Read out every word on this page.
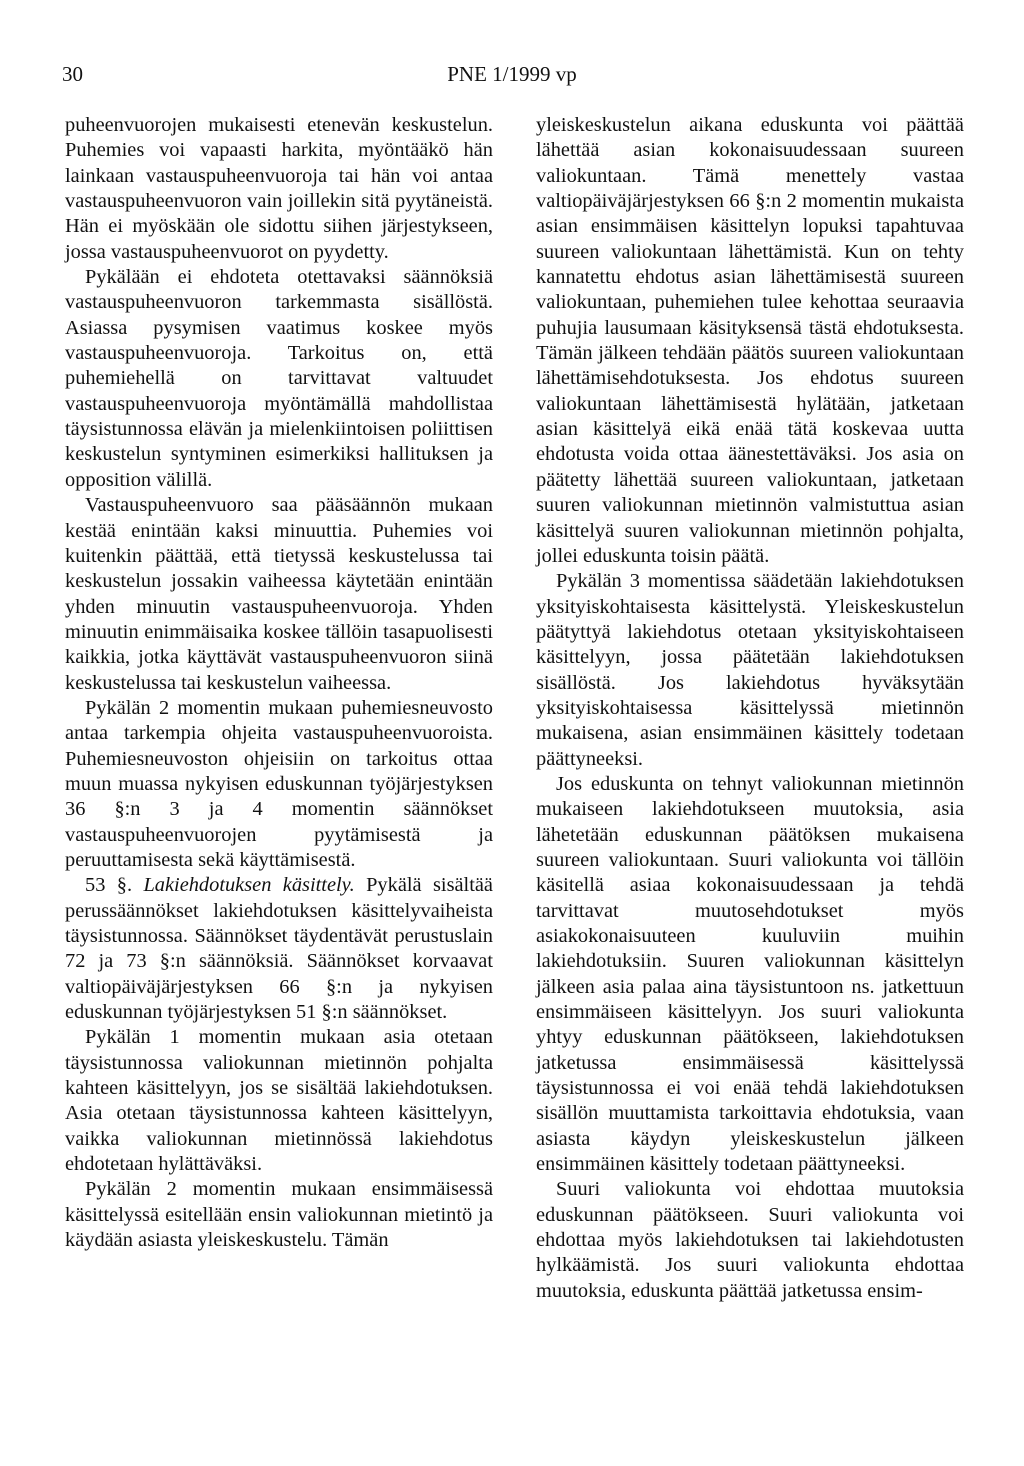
30	PNE 1/1999 vp

puheenvuorojen mukaisesti etenevän keskustelun. Puhemies voi vapaasti harkita, myöntääkö hän lainkaan vastauspuheenvuoroja tai hän voi antaa vastauspuheenvuoron vain joillekin sitä pyytäneistä. Hän ei myöskään ole sidottu siihen järjestykseen, jossa vastauspuheenvuorot on pyydetty.

Pykälään ei ehdoteta otettavaksi säännöksiä vastauspuheenvuoron tarkemmasta sisällöstä. Asiassa pysymisen vaatimus koskee myös vastauspuheenvuoroja. Tarkoitus on, että puhemiehellä on tarvittavat valtuudet vastauspuheenvuoroja myöntämällä mahdollistaa täysistunnossa elävän ja mielenkiintoisen poliittisen keskustelun syntyminen esimerkiksi hallituksen ja opposition välillä.

Vastauspuheenvuoro saa pääsäännön mukaan kestää enintään kaksi minuuttia. Puhemies voi kuitenkin päättää, että tietyssä keskustelussa tai keskustelun jossakin vaiheessa käytetään enintään yhden minuutin vastauspuheenvuoroja. Yhden minuutin enimmäisaika koskee tällöin tasapuolisesti kaikkia, jotka käyttävät vastauspuheenvuoron siinä keskustelussa tai keskustelun vaiheessa.

Pykälän 2 momentin mukaan puhemiesneuvosto antaa tarkempia ohjeita vastauspuheenvuoroista. Puhemiesneuvoston ohjeisiin on tarkoitus ottaa muun muassa nykyisen eduskunnan työjärjestyksen 36 §:n 3 ja 4 momentin säännökset vastauspuheenvuorojen pyytämisestä ja peruuttamisesta sekä käyttämisestä.

53 §. Lakiehdotuksen käsittely. Pykälä sisältää perussäännökset lakiehdotuksen käsittelyvaiheista täysistunnossa. Säännökset täydentävät perustuslain 72 ja 73 §:n säännöksiä. Säännökset korvaavat valtiopäiväjärjestyksen 66 §:n ja nykyisen eduskunnan työjärjestyksen 51 §:n säännökset.

Pykälän 1 momentin mukaan asia otetaan täysistunnossa valiokunnan mietinnön pohjalta kahteen käsittelyyn, jos se sisältää lakiehdotuksen. Asia otetaan täysistunnossa kahteen käsittelyyn, vaikka valiokunnan mietinnössä lakiehdotus ehdotetaan hylättäväksi.

Pykälän 2 momentin mukaan ensimmäisessä käsittelyssä esitellään ensin valiokunnan mietintö ja käydään asiasta yleiskeskustelu. Tämän

yleiskeskustelun aikana eduskunta voi päättää lähettää asian kokonaisuudessaan suureen valiokuntaan. Tämä menettely vastaa valtiopäiväjärjestyksen 66 §:n 2 momentin mukaista asian ensimmäisen käsittelyn lopuksi tapahtuvaa suureen valiokuntaan lähettämistä. Kun on tehty kannatettu ehdotus asian lähettämisestä suureen valiokuntaan, puhemiehen tulee kehottaa seuraavia puhujia lausumaan käsityksensä tästä ehdotuksesta. Tämän jälkeen tehdään päätös suureen valiokuntaan lähettämisehdotuksesta. Jos ehdotus suureen valiokuntaan lähettämisestä hylätään, jatketaan asian käsittelyä eikä enää tätä koskevaa uutta ehdotusta voida ottaa äänestettäväksi. Jos asia on päätetty lähettää suureen valiokuntaan, jatketaan suuren valiokunnan mietinnön valmistuttua asian käsittelyä suuren valiokunnan mietinnön pohjalta, jollei eduskunta toisin päätä.

Pykälän 3 momentissa säädetään lakiehdotuksen yksityiskohtaisesta käsittelystä. Yleiskeskustelun päätyttyä lakiehdotus otetaan yksityiskohtaiseen käsittelyyn, jossa päätetään lakiehdotuksen sisällöstä. Jos lakiehdotus hyväksytään yksityiskohtaisessa käsittelyssä mietinnön mukaisena, asian ensimmäinen käsittely todetaan päättyneeksi.

Jos eduskunta on tehnyt valiokunnan mietinnön mukaiseen lakiehdotukseen muutoksia, asia lähetetään eduskunnan päätöksen mukaisena suureen valiokuntaan. Suuri valiokunta voi tällöin käsitellä asiaa kokonaisuudessaan ja tehdä tarvittavat muutosehdotukset myös asiakokonaisuuteen kuuluviin muihin lakiehdotuksiin. Suuren valiokunnan käsittelyn jälkeen asia palaa aina täysistuntoon ns. jatkettuun ensimmäiseen käsittelyyn. Jos suuri valiokunta yhtyy eduskunnan päätökseen, lakiehdotuksen jatketussa ensimmäisessä käsittelyssä täysistunnossa ei voi enää tehdä lakiehdotuksen sisällön muuttamista tarkoittavia ehdotuksia, vaan asiasta käydyn yleiskeskustelun jälkeen ensimmäinen käsittely todetaan päättyneeksi.

Suuri valiokunta voi ehdottaa muutoksia eduskunnan päätökseen. Suuri valiokunta voi ehdottaa myös lakiehdotuksen tai lakiehdotusten hylkäämistä. Jos suuri valiokunta ehdottaa muutoksia, eduskunta päättää jatketussa ensim-
